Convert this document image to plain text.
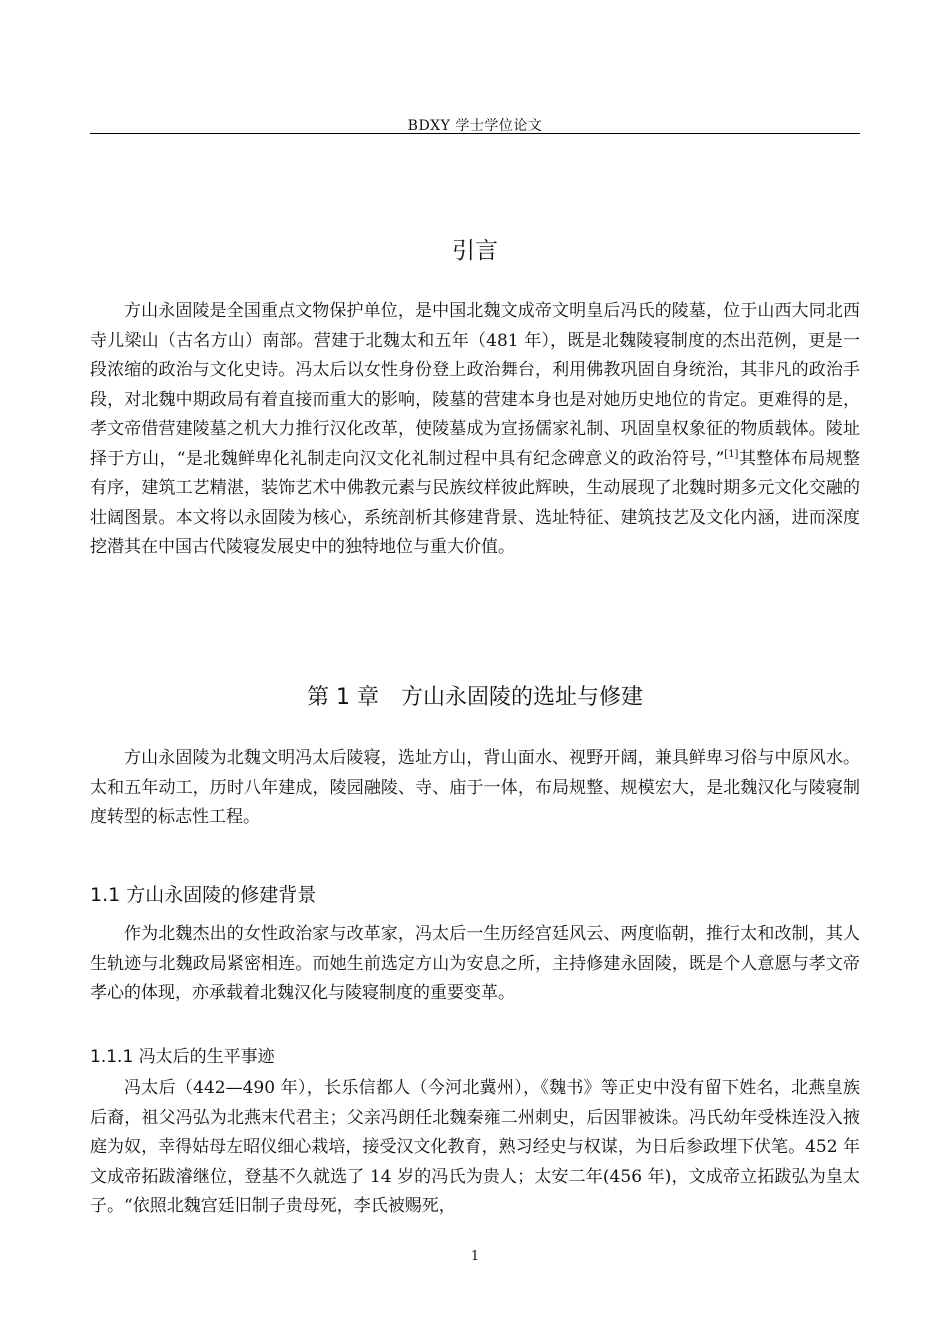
BDXY 学士学位论文
引言

方山永固陵是全国重点文物保护单位，是中国北魏文成帝文明皇后冯氏的陵墓，位于山西大同北西寺儿梁山（古名方山）南部。营建于北魏太和五年（481 年），既是北魏陵寝制度的杰出范例，更是一段浓缩的政治与文化史诗。冯太后以女性身份登上政治舞台，利用佛教巩固自身统治，其非凡的政治手段，对北魏中期政局有着直接而重大的影响，陵墓的营建本身也是对她历史地位的肯定。更难得的是，孝文帝借营建陵墓之机大力推行汉化改革，使陵墓成为宣扬儒家礼制、巩固皇权象征的物质载体。陵址择于方山，“是北魏鲜卑化礼制走向汉文化礼制过程中具有纪念碑意义的政治符号，”[1]其整体布局规整有序，建筑工艺精湛，装饰艺术中佛教元素与民族纹样彼此辉映，生动展现了北魏时期多元文化交融的壮阔图景。本文将以永固陵为核心，系统剖析其修建背景、选址特征、建筑技艺及文化内涵，进而深度挖潜其在中国古代陵寝发展史中的独特地位与重大价值。

第 1 章　方山永固陵的选址与修建

方山永固陵为北魏文明冯太后陵寝，选址方山，背山面水、视野开阔，兼具鲜卑习俗与中原风水。太和五年动工，历时八年建成，陵园融陵、寺、庙于一体，布局规整、规模宏大，是北魏汉化与陵寝制度转型的标志性工程。

1.1 方山永固陵的修建背景

作为北魏杰出的女性政治家与改革家，冯太后一生历经宫廷风云、两度临朝，推行太和改制，其人生轨迹与北魏政局紧密相连。而她生前选定方山为安息之所，主持修建永固陵，既是个人意愿与孝文帝孝心的体现，亦承载着北魏汉化与陵寝制度的重要变革。

1.1.1 冯太后的生平事迹

冯太后（442—490 年），长乐信都人（今河北冀州），《魏书》等正史中没有留下姓名，北燕皇族后裔，祖父冯弘为北燕末代君主；父亲冯朗任北魏秦雍二州刺史，后因罪被诛。冯氏幼年受株连没入掖庭为奴，幸得姑母左昭仪细心栽培，接受汉文化教育，熟习经史与权谋，为日后参政埋下伏笔。452 年文成帝拓跋濬继位，登基不久就选了 14 岁的冯氏为贵人；太安二年(456 年)，文成帝立拓跋弘为皇太子。“依照北魏宫廷旧制子贵母死，李氏被赐死，

1
